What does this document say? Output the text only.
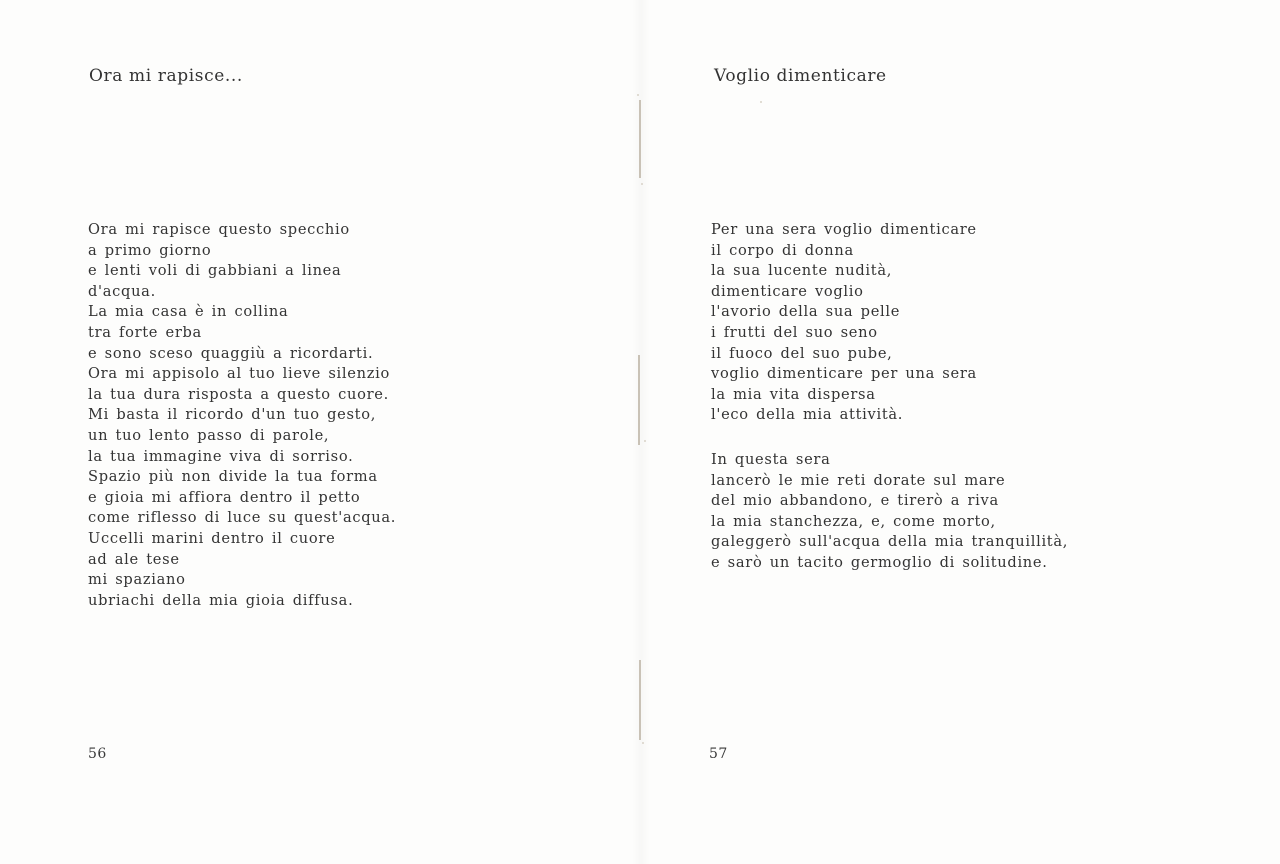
Ora mi rapisce...
Ora mi rapisce questo specchio
a primo giorno
e lenti voli di gabbiani a linea
d'acqua.
La mia casa è in collina
tra forte erba
e sono sceso quaggiù a ricordarti.
Ora mi appisolo al tuo lieve silenzio
la tua dura risposta a questo cuore.
Mi basta il ricordo d'un tuo gesto,
un tuo lento passo di parole,
la tua immagine viva di sorriso.
Spazio più non divide la tua forma
e gioia mi affiora dentro il petto
come riflesso di luce su quest'acqua.
Uccelli marini dentro il cuore
ad ale tese
mi spaziano
ubriachi della mia gioia diffusa.
56
Voglio dimenticare
Per una sera voglio dimenticare
il corpo di donna
la sua lucente nudità,
dimenticare voglio
l'avorio della sua pelle
i frutti del suo seno
il fuoco del suo pube,
voglio dimenticare per una sera
la mia vita dispersa
l'eco della mia attività.
In questa sera
lancerò le mie reti dorate sul mare
del mio abbandono, e tirerò a riva
la mia stanchezza, e, come morto,
galeggerò sull'acqua della mia tranquillità,
e sarò un tacito germoglio di solitudine.
57
